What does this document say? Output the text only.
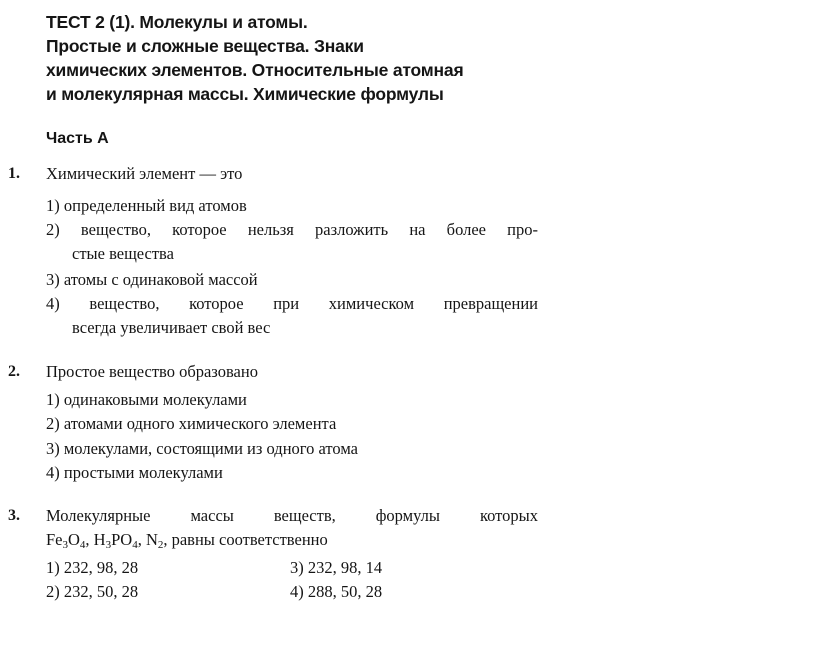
ТЕСТ 2 (1). Молекулы и атомы.
Простые и сложные вещества. Знаки
химических элементов. Относительные атомная
и молекулярная массы. Химические формулы
Часть А
1. Химический элемент — это
1) определенный вид атомов
2) вещество, которое нельзя разложить на более про-
стые вещества
3) атомы с одинаковой массой
4) вещество, которое при химическом превращении
всегда увеличивает свой вес
2. Простое вещество образовано
1) одинаковыми молекулами
2) атомами одного химического элемента
3) молекулами, состоящими из одного атома
4) простыми молекулами
3. Молекулярные массы веществ, формулы которых
$Fe_3O_4$, $H_3PO_4$, $N_2$, равны соответственно
1) 232, 98, 28
2) 232, 50, 28
3) 232, 98, 14
4) 288, 50, 28
